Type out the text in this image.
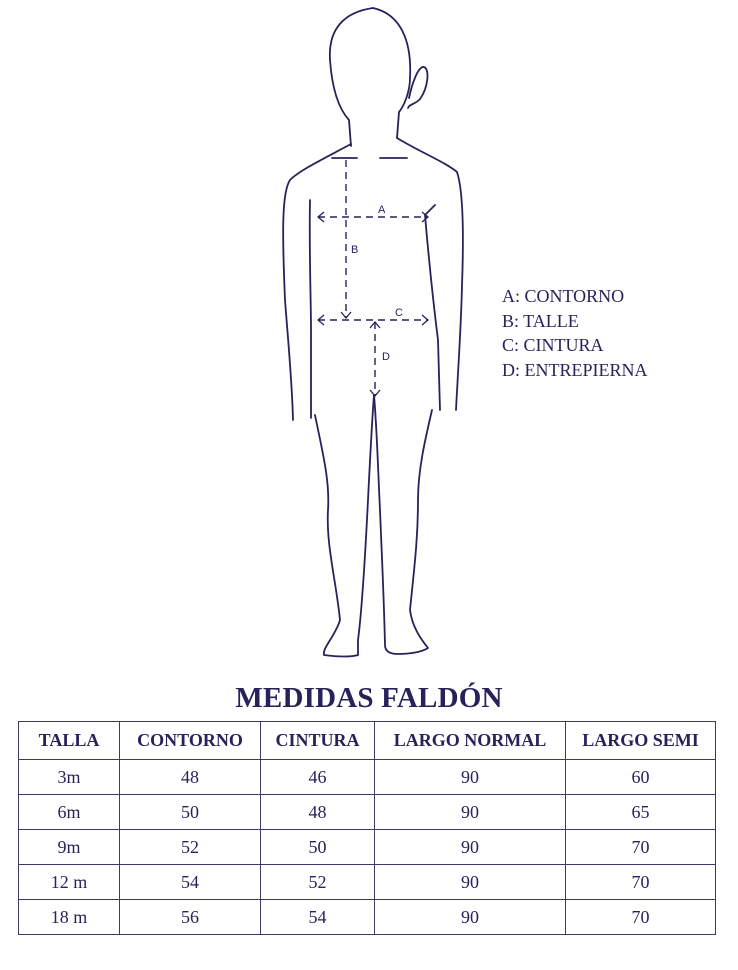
A
B
C
D
A: CONTORNO
B: TALLE
C: CINTURA
D: ENTREPIERNA
MEDIDAS FALDÓN
TALLA	CONTORNO	CINTURA	LARGO NORMAL	LARGO SEMI
3m	48	46	90	60
6m	50	48	90	65
9m	52	50	90	70
12 m	54	52	90	70
18 m	56	54	90	70
